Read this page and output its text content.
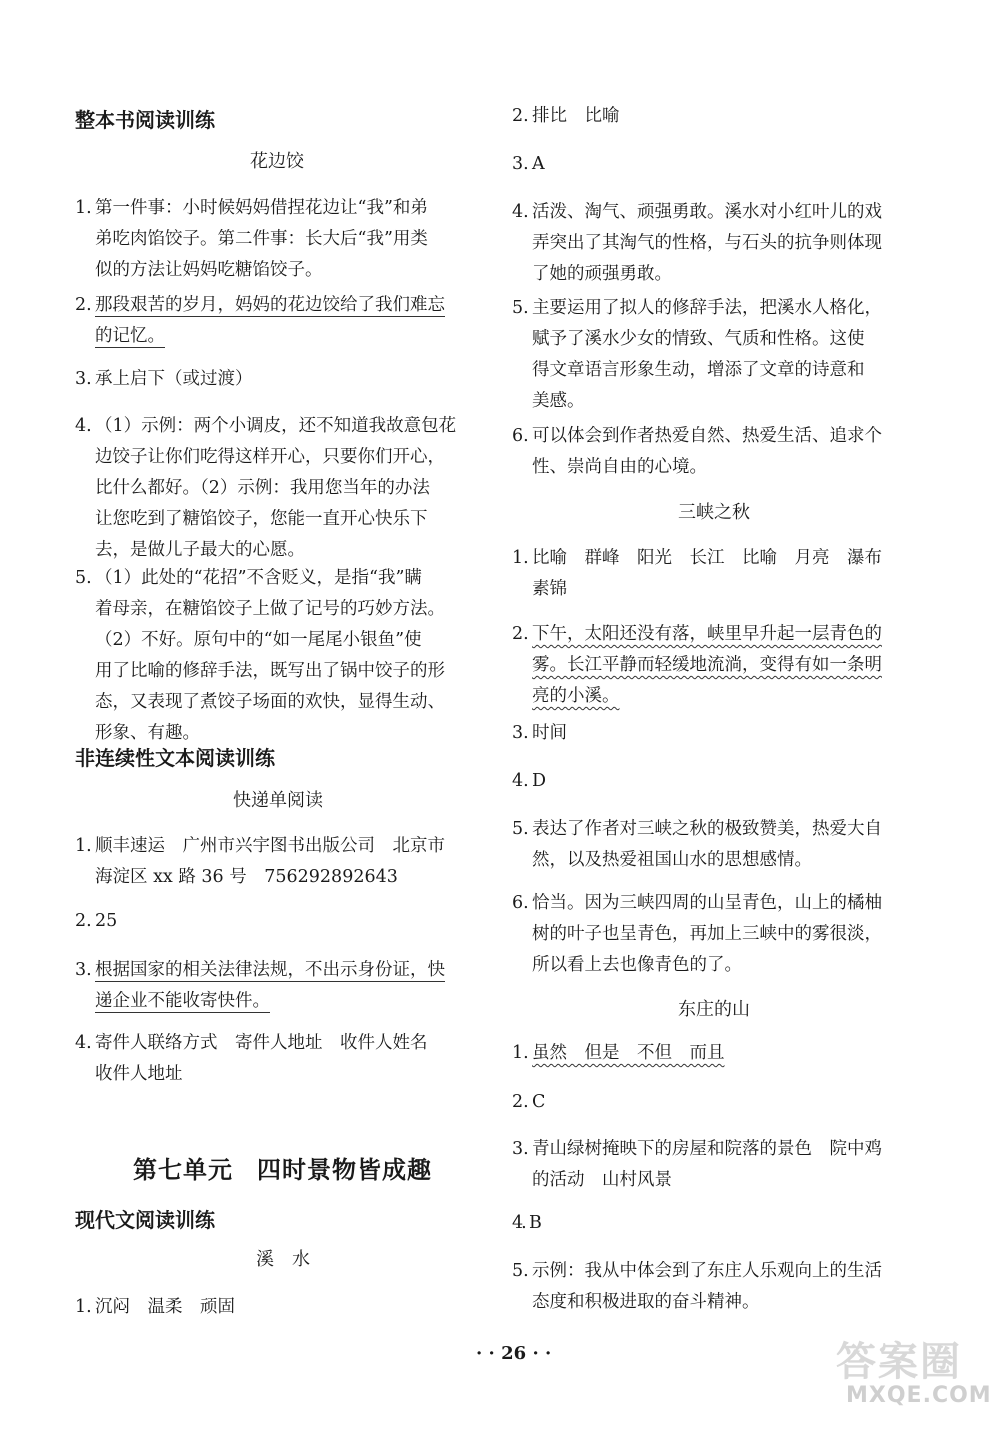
整本书阅读训练
花边饺
1. 第一件事：小时候妈妈借捏花边让“我”和弟
弟吃肉馅饺子。第二件事：长大后“我”用类
似的方法让妈妈吃糖馅饺子。
2. 那段艰苦的岁月，妈妈的花边饺给了我们难忘
的记忆。
3. 承上启下（或过渡）
4. （1）示例：两个小调皮，还不知道我故意包花
边饺子让你们吃得这样开心，只要你们开心，
比什么都好。（2）示例：我用您当年的办法
让您吃到了糖馅饺子，您能一直开心快乐下
去，是做儿子最大的心愿。
5. （1）此处的“花招”不含贬义，是指“我”瞒
着母亲，在糖馅饺子上做了记号的巧妙方法。
（2）不好。原句中的“如一尾尾小银鱼”使
用了比喻的修辞手法，既写出了锅中饺子的形
态，又表现了煮饺子场面的欢快，显得生动、
形象、有趣。
非连续性文本阅读训练
快递单阅读
1. 顺丰速运　广州市兴宇图书出版公司　北京市
海淀区 xx 路 36 号　756292892643
2. 25
3. 根据国家的相关法律法规，不出示身份证，快
递企业不能收寄快件。
4. 寄件人联络方式　寄件人地址　收件人姓名
收件人地址
第七单元 四时景物皆成趣
现代文阅读训练
溪　水
1. 沉闷　温柔　顽固
2. 排比　比喻
3. A
4. 活泼、淘气、顽强勇敢。溪水对小红叶儿的戏
弄突出了其淘气的性格，与石头的抗争则体现
了她的顽强勇敢。
5. 主要运用了拟人的修辞手法，把溪水人格化，
赋予了溪水少女的情致、气质和性格。这使
得文章语言形象生动，增添了文章的诗意和
美感。
6. 可以体会到作者热爱自然、热爱生活、追求个
性、崇尚自由的心境。
三峡之秋
1. 比喻　群峰　阳光　长江　比喻　月亮　瀑布
素锦
2. 下午，太阳还没有落，峡里早升起一层青色的
雾。长江平静而轻缓地流淌，变得有如一条明
亮的小溪。
3. 时间
4. D
5. 表达了作者对三峡之秋的极致赞美，热爱大自
然，以及热爱祖国山水的思想感情。
6. 恰当。因为三峡四周的山呈青色，山上的橘柚
树的叶子也呈青色，再加上三峡中的雾很淡，
所以看上去也像青色的了。
东庄的山
1. 虽然　但是　不但　而且
2. C
3. 青山绿树掩映下的房屋和院落的景色　院中鸡
的活动　山村风景
4. B
5. 示例：我从中体会到了东庄人乐观向上的生活
态度和积极进取的奋斗精神。
· · 26 · ·	答案圈
MXQE.COM
